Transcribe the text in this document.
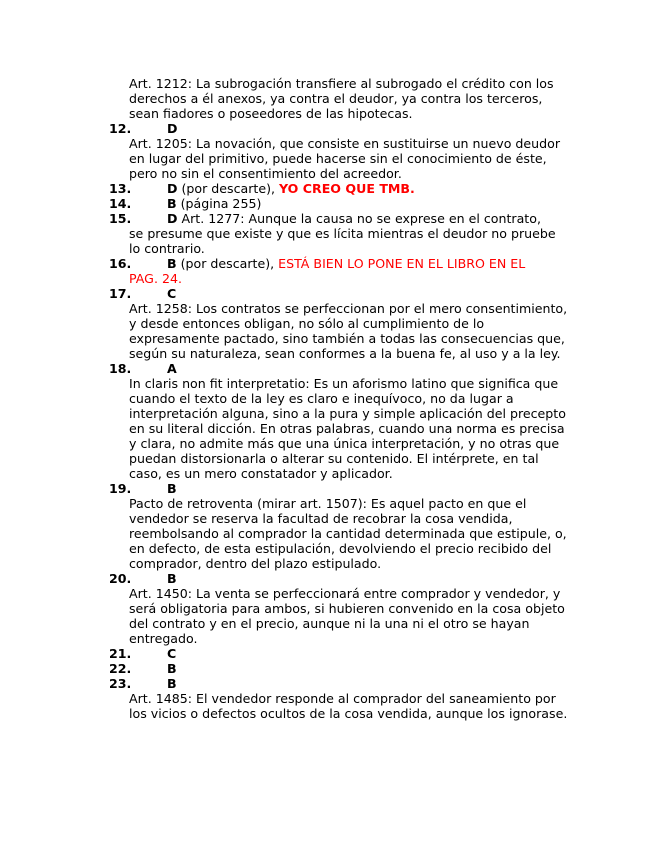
Art. 1212: La subrogación transfiere al subrogado el crédito con los derechos a él anexos, ya contra el deudor, ya contra los terceros, sean fiadores o poseedores de las hipotecas.

12.	D

Art. 1205: La novación, que consiste en sustituirse un nuevo deudor en lugar del primitivo, puede hacerse sin el conocimiento de éste, pero no sin el consentimiento del acreedor.

13.	D (por descarte), YO CREO QUE TMB.
14.	B (página 255)
15.	D Art. 1277: Aunque la causa no se exprese en el contrato,

se presume que existe y que es lícita mientras el deudor no pruebe lo contrario.

16.	B (por descarte), ESTÁ BIEN LO PONE EN EL LIBRO EN EL
PAG. 24.
17.	C

Art. 1258: Los contratos se perfeccionan por el mero consentimiento, y desde entonces obligan, no sólo al cumplimiento de lo expresamente pactado, sino también a todas las consecuencias que, según su naturaleza, sean conformes a la buena fe, al uso y a la ley.

18.	A

In claris non fit interpretatio: Es un aforismo latino que significa que cuando el texto de la ley es claro e inequívoco, no da lugar a interpretación alguna, sino a la pura y simple aplicación del precepto en su literal dicción. En otras palabras, cuando una norma es precisa y clara, no admite más que una única interpretación, y no otras que puedan distorsionarla o alterar su contenido. El intérprete, en tal caso, es un mero constatador y aplicador.

19.	B

Pacto de retroventa (mirar art. 1507): Es aquel pacto en que el vendedor se reserva la facultad de recobrar la cosa vendida, reembolsando al comprador la cantidad determinada que estipule, o, en defecto, de esta estipulación, devolviendo el precio recibido del comprador, dentro del plazo estipulado.

20.	B

Art. 1450: La venta se perfeccionará entre comprador y vendedor, y será obligatoria para ambos, si hubieren convenido en la cosa objeto del contrato y en el precio, aunque ni la una ni el otro se hayan entregado.

21.	C
22.	B
23.	B

Art. 1485: El vendedor responde al comprador del saneamiento por los vicios o defectos ocultos de la cosa vendida, aunque los ignorase.
